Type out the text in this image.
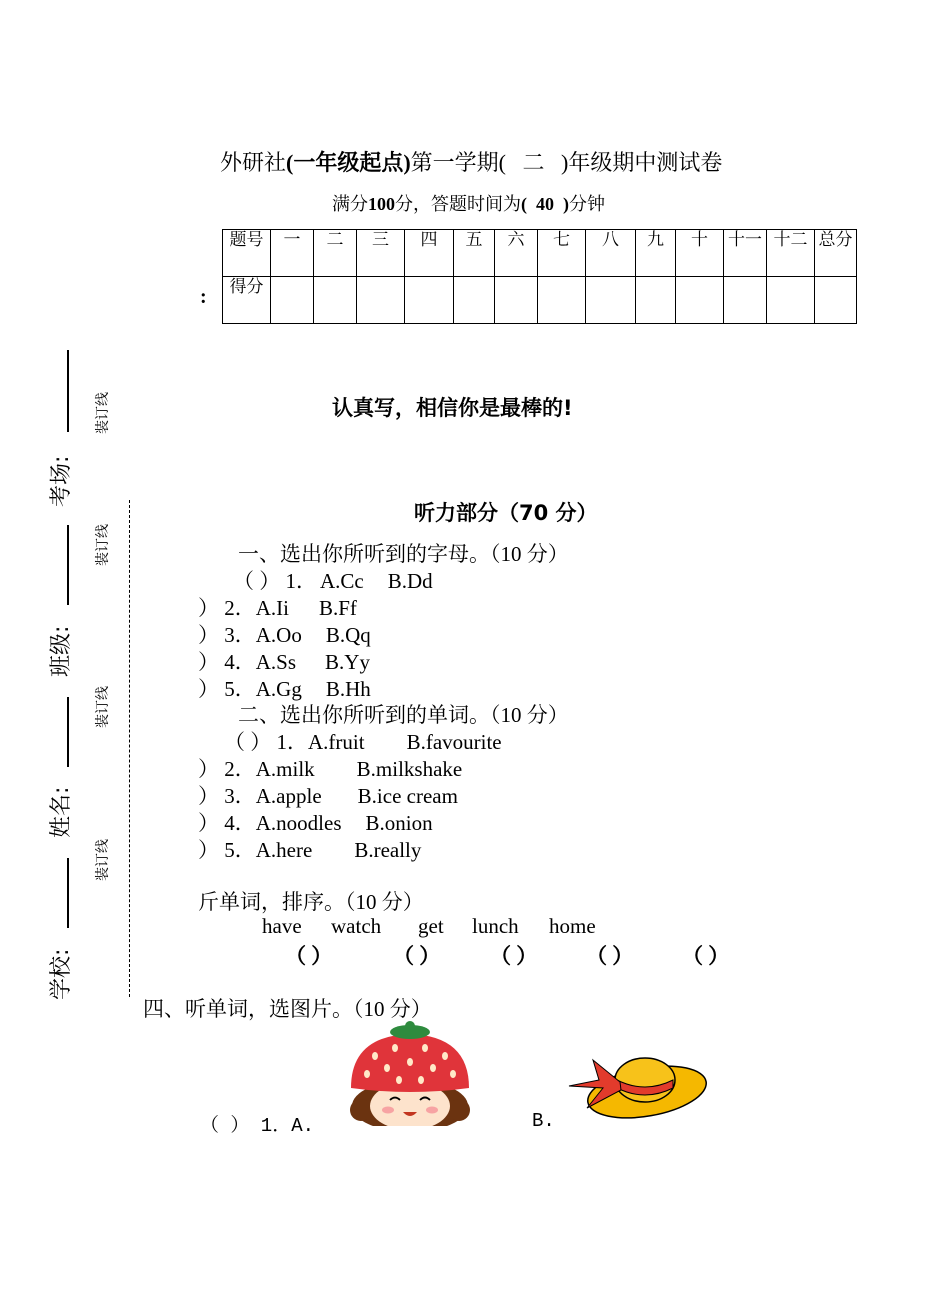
外研社(一年级起点)第一学期( 二 )年级期中测试卷
满分100分，答题时间为( 40 )分钟
题号	一	二	三	四	五	六	七	八	九	十	十一	十二	总分
得分													
:
考场:
班级:
姓名:
学校:
装订线
装订线
装订线
装订线
认真写，相信你是最棒的!
听力部分（70 分）
一、选出你所听到的字母。（10 分）
（ ） 1． A.Cc B.Dd
） 2．A.Ii B.Ff
） 3．A.Oo B.Qq
） 4．A.Ss B.Yy
） 5．A.Gg B.Hh
二、选出你所听到的单词。（10 分）
（ ） 1．A.fruit B.favourite
） 2．A.milk B.milkshake
） 3．A.apple B.ice cream
） 4．A.noodles B.onion
） 5．A.here B.really
斤单词，排序。（10 分）
have watch get lunch home
（ ）	（ ） （ ） （ ） （ ）
四、听单词，选图片。（10 分）
（ ） 1．A.	B.
